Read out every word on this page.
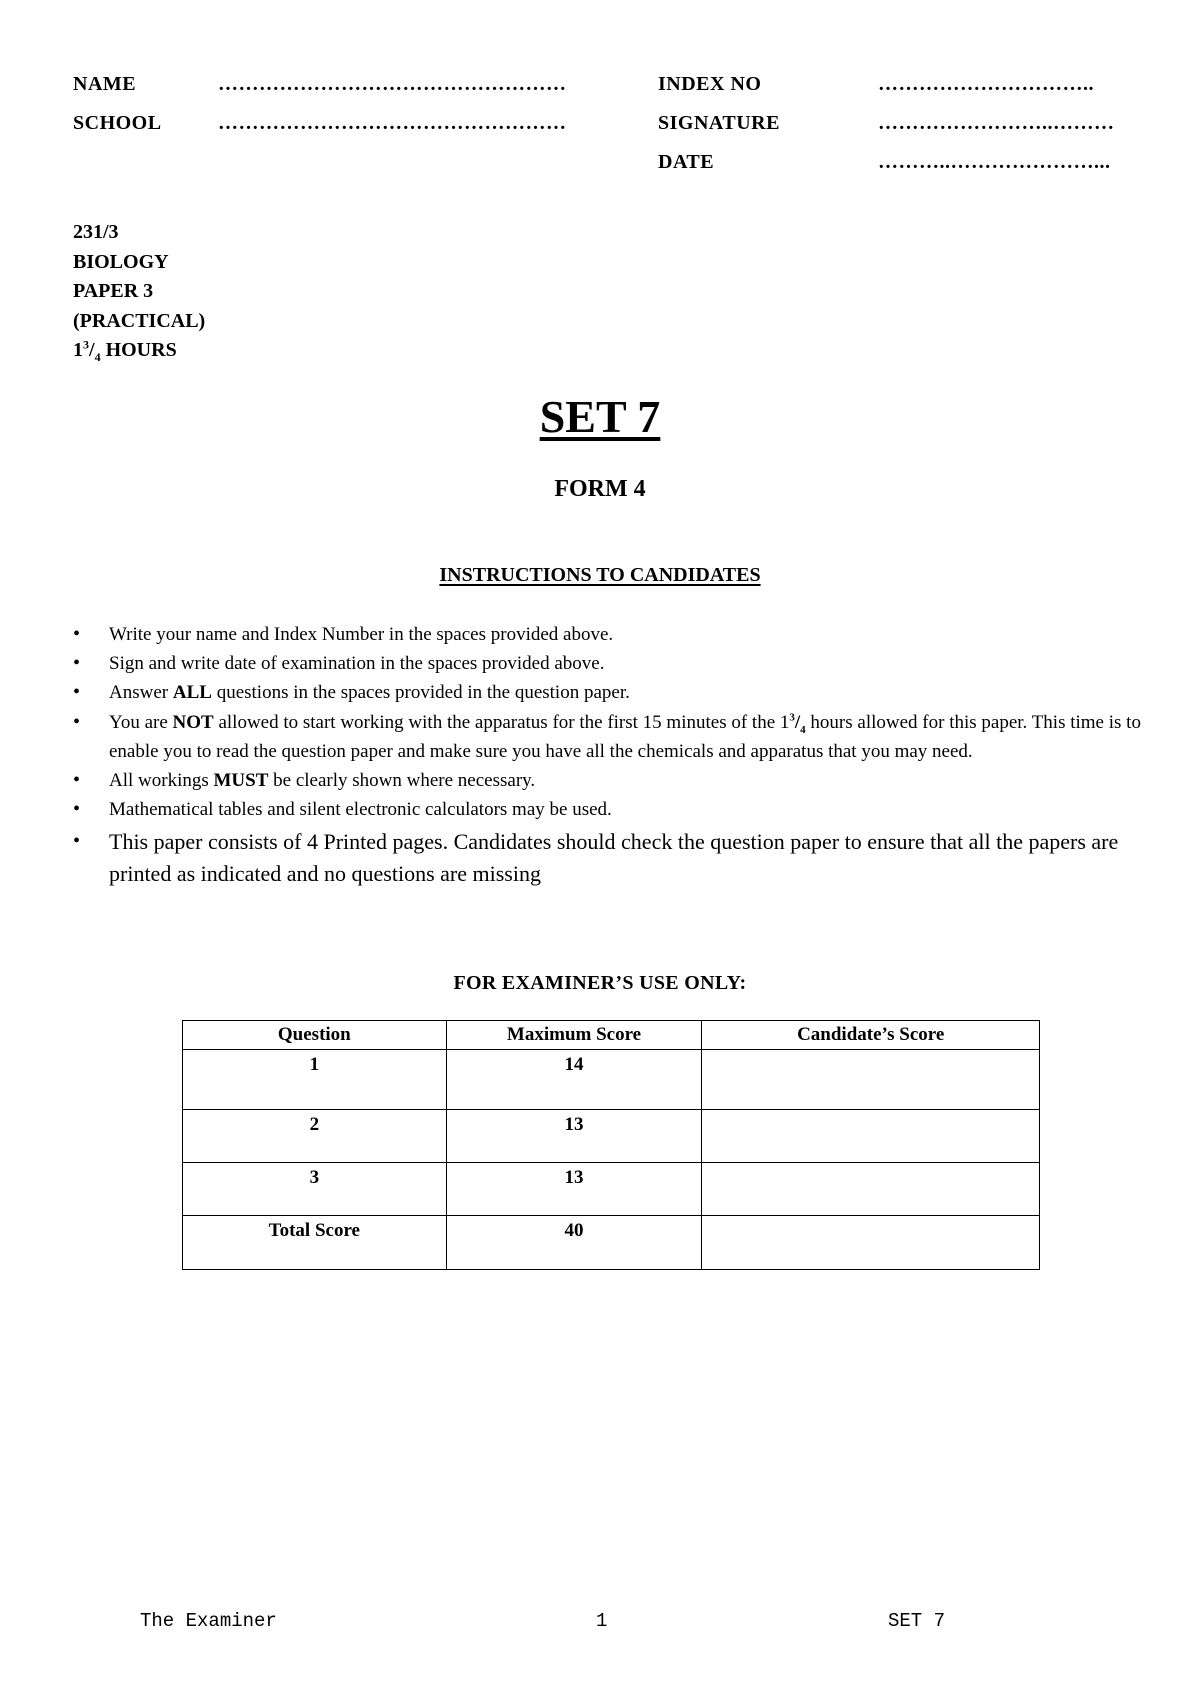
NAME	……………………………………………
SCHOOL	……………………………………………
INDEX NO	…………………………..
SIGNATURE	……………………..………
DATE	………..…………………...
231/3
BIOLOGY
PAPER 3
(PRACTICAL)
$1^3/_4$ HOURS
SET 7
FORM 4
INSTRUCTIONS TO CANDIDATES
• Write your name and Index Number in the spaces provided above.
• Sign and write date of examination in the spaces provided above.
• Answer ALL questions in the spaces provided in the question paper.
• You are NOT allowed to start working with the apparatus for the first 15 minutes of the $1^3/_4$ hours allowed for this paper. This time is to enable you to read the question paper and make sure you have all the chemicals and apparatus that you may need.
• All workings MUST be clearly shown where necessary.
• Mathematical tables and silent electronic calculators may be used.
• This paper consists of 4 Printed pages. Candidates should check the question paper to ensure that all the papers are printed as indicated and no questions are missing
FOR EXAMINER’S USE ONLY:
Question	Maximum Score	Candidate’s Score
1	14	
2	13	
3	13	
Total Score	40	
The Examiner	1	SET 7
